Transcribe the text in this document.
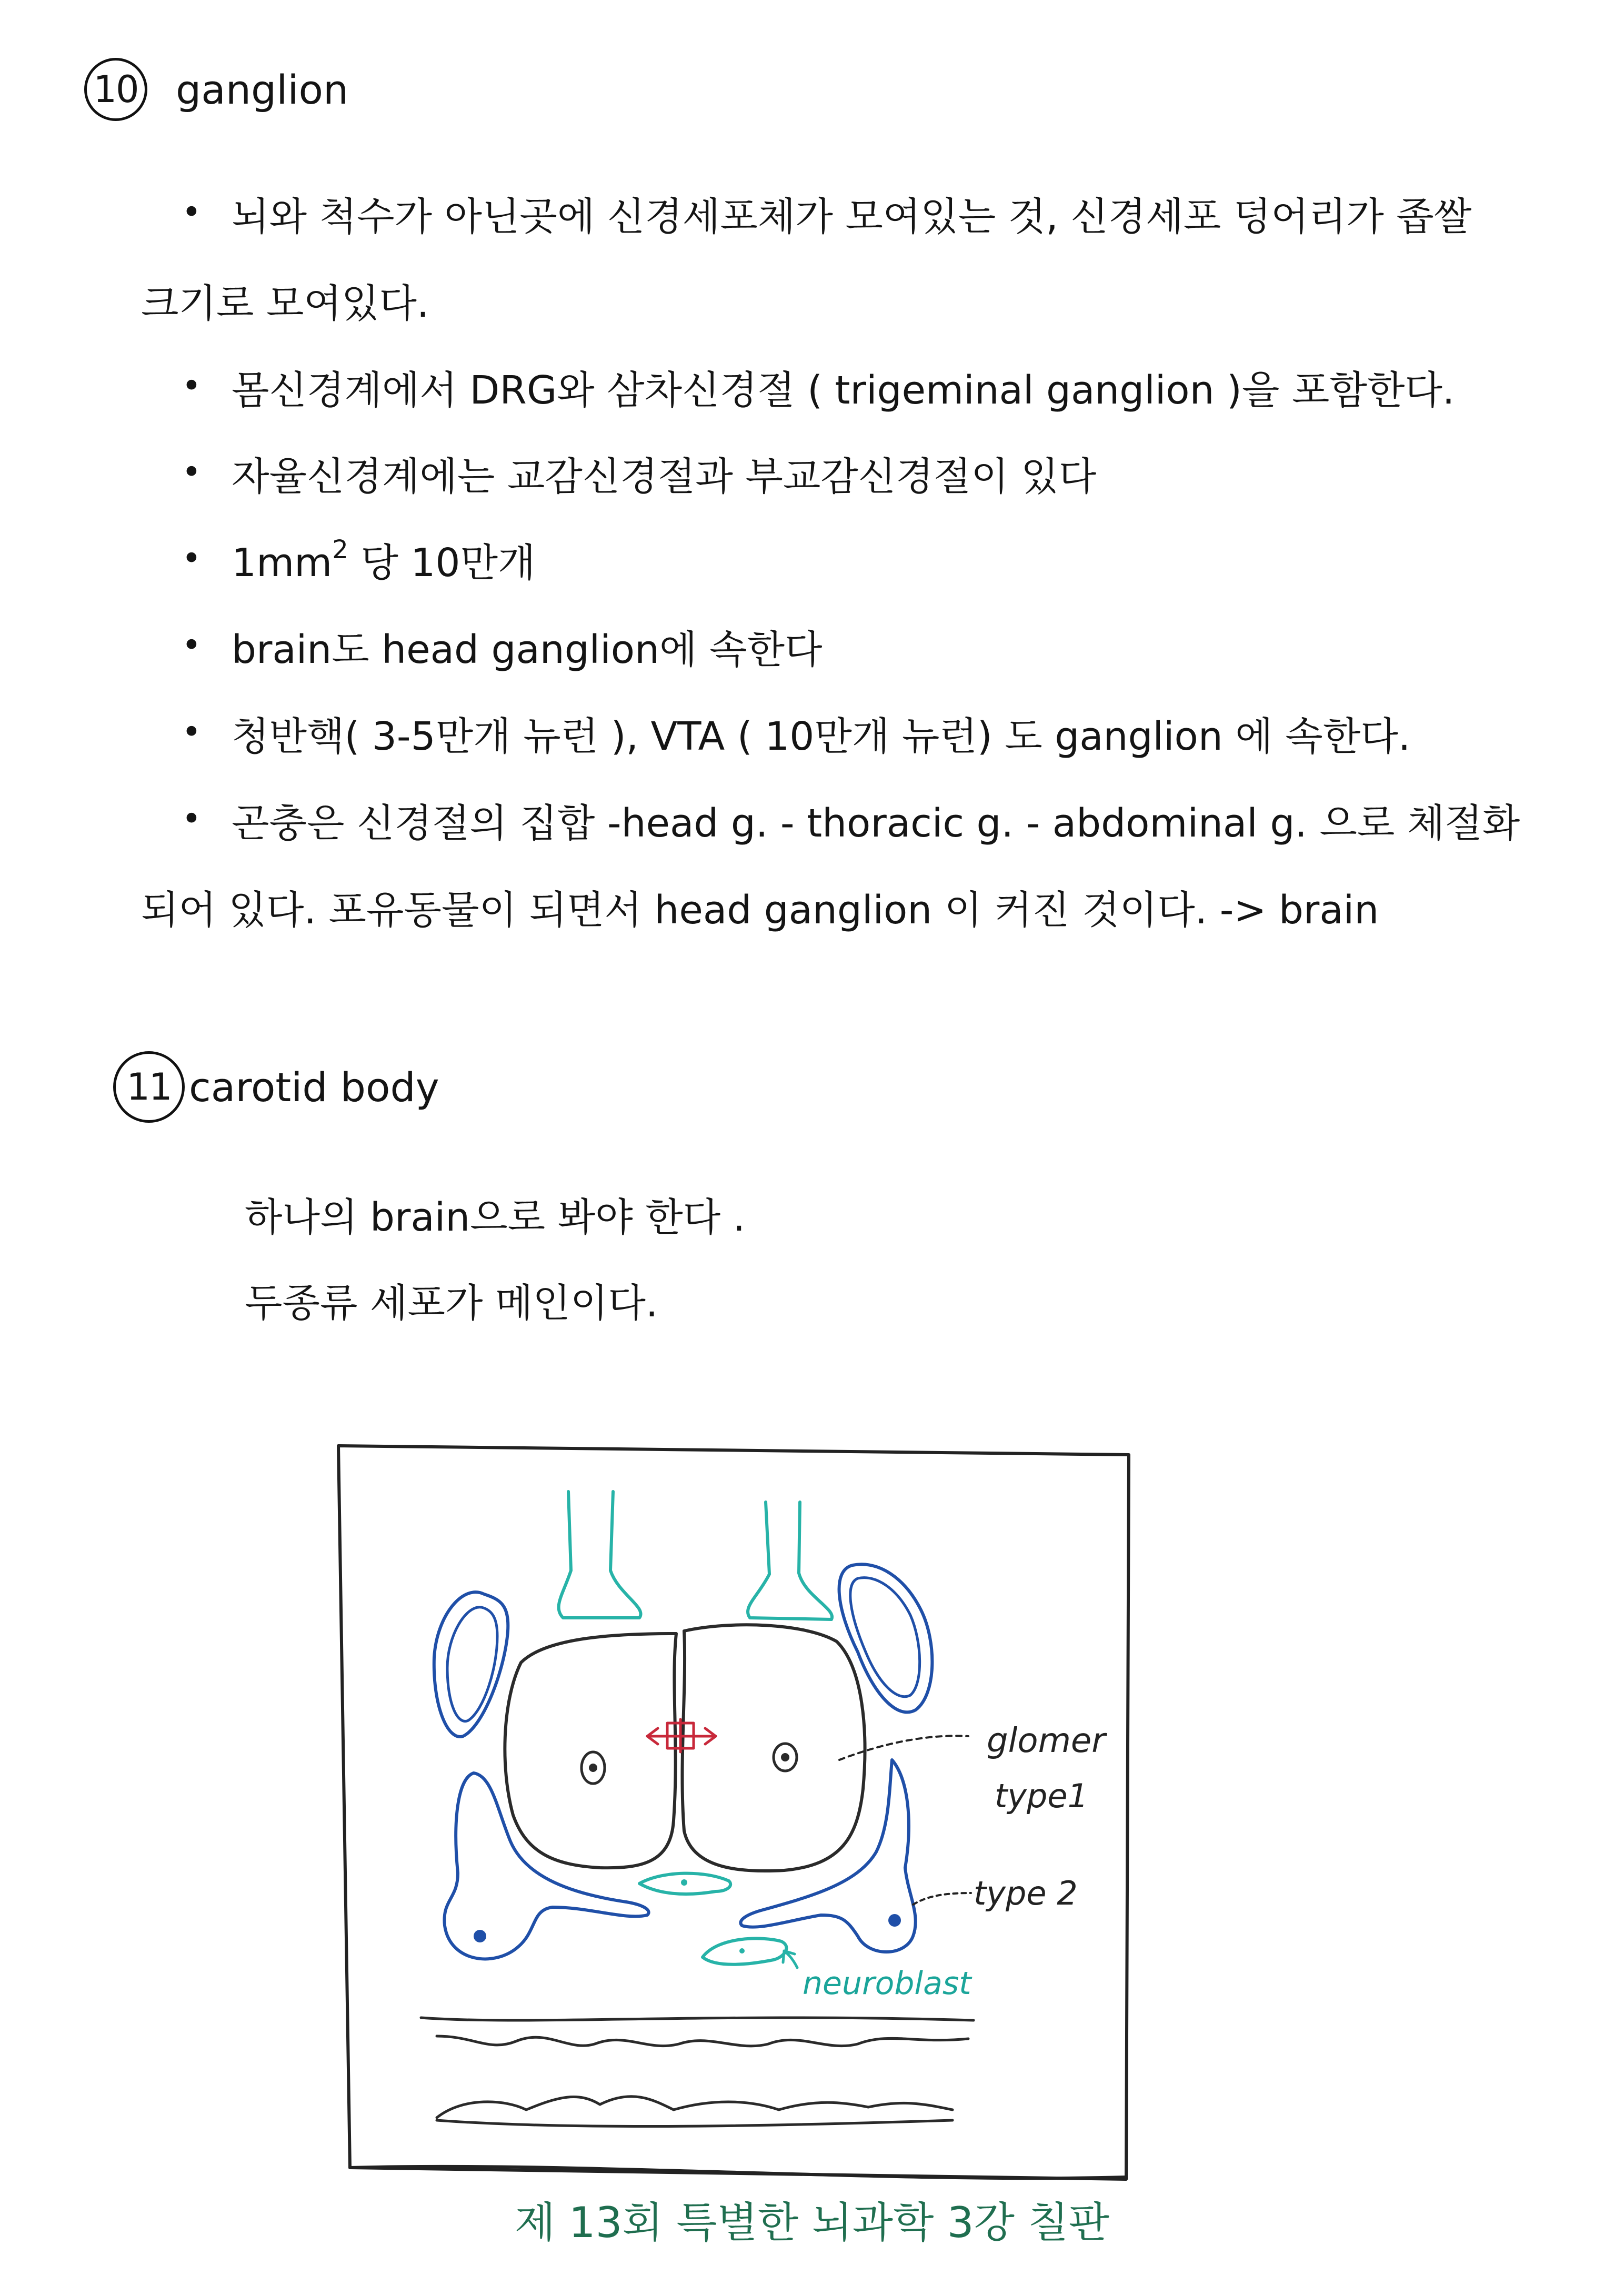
10 ganglion
• 뇌와 척수가 아닌곳에 신경세포체가 모여있는 것, 신경세포 덩어리가 좁쌀
크기로 모여있다.
• 몸신경계에서 DRG와 삼차신경절 ( trigeminal ganglion )을 포함한다.
• 자율신경계에는 교감신경절과 부교감신경절이 있다
• $1mm^2$ 당 10만개
• brain도 head ganglion에 속한다
• 청반핵( 3-5만개 뉴런 ), VTA ( 10만개 뉴런) 도 ganglion 에 속한다.
• 곤충은 신경절의 집합 -head g. - thoracic g. - abdominal g. 으로 체절화
되어 있다. 포유동물이 되면서 head ganglion 이 커진 것이다. -> brain
11 carotid body
하나의 brain으로 봐야 한다 .
두종류 세포가 메인이다.
glomer
type1
type 2
neuroblast
제 13회 특별한 뇌과학 3강 칠판
